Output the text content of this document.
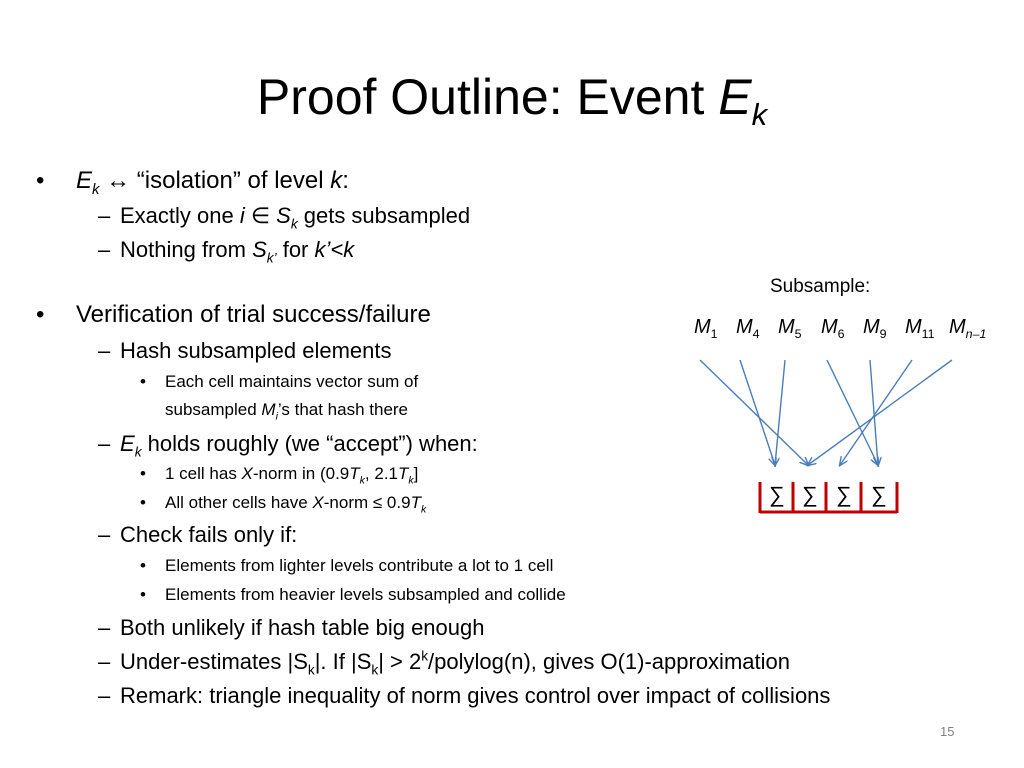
Proof Outline: Event $E_k$
• $E_k$ ↔ “isolation” of level k:
– Exactly one i ∈ $S_k$ gets subsampled
– Nothing from $S_{k’}$ for k’<k
• Verification of trial success/failure
– Hash subsampled elements
• Each cell maintains vector sum of
subsampled $M_i’s$ that hash there
– $E_k$ holds roughly (we “accept”) when:
• 1 cell has X-norm in ($0.9T_k$, $2.1T_k$]
• All other cells have X-norm ≤ $0.9T_k$
– Check fails only if:
• Elements from lighter levels contribute a lot to 1 cell
• Elements from heavier levels subsampled and collide
– Both unlikely if hash table big enough
– Under-estimates $|S_k|$. If $|S_k|$ > $2^k/polylog(n)$, gives O(1)-approximation
– Remark: triangle inequality of norm gives control over impact of collisions
Subsample:
$M_1$ $M_4$ $M_5$ $M_6$ $M_9$ $M_{11}$ $M_{n-1}$
∑ ∑ ∑ ∑
15
